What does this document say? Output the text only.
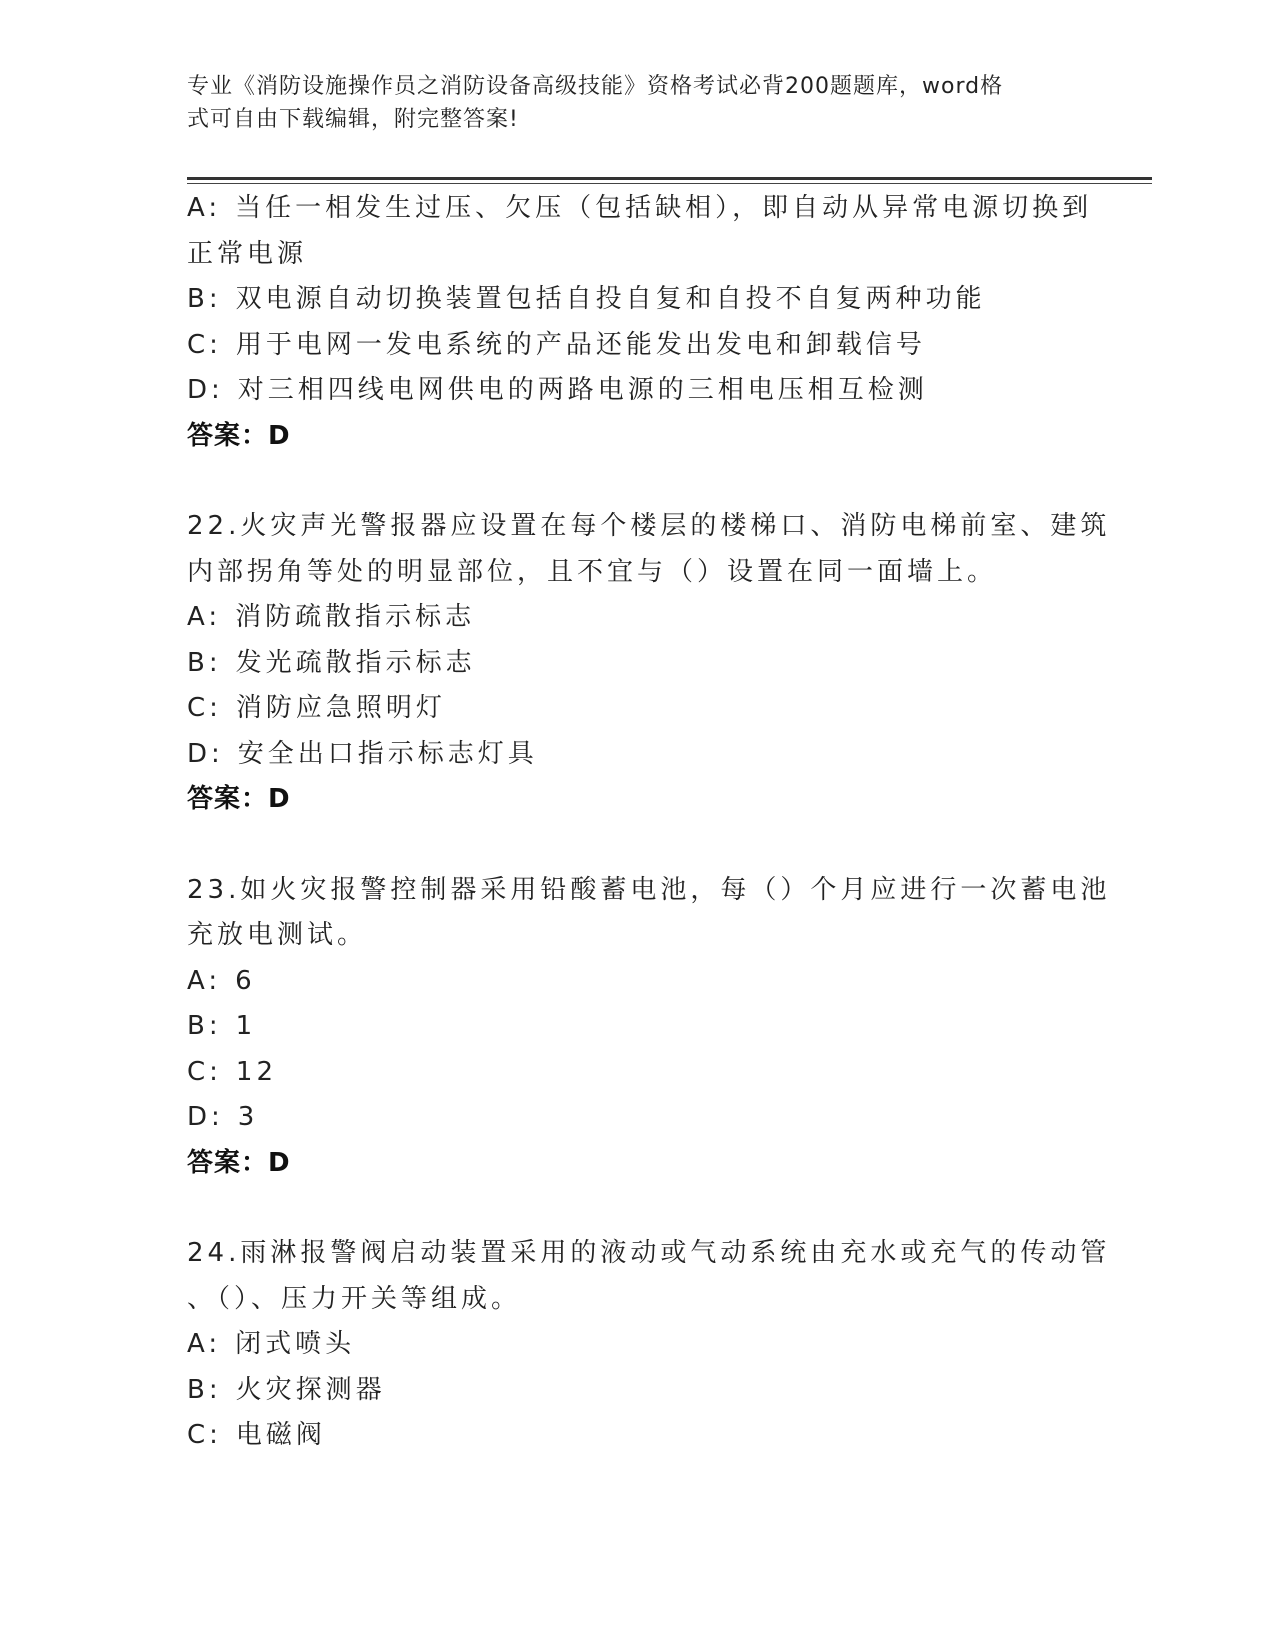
专业《消防设施操作员之消防设备高级技能》资格考试必背200题题库，word格
式可自由下载编辑，附完整答案!
A: 当任一相发生过压、欠压（包括缺相），即自动从异常电源切换到
正常电源
B: 双电源自动切换装置包括自投自复和自投不自复两种功能
C: 用于电网一发电系统的产品还能发出发电和卸载信号
D: 对三相四线电网供电的两路电源的三相电压相互检测
答案：D
22.火灾声光警报器应设置在每个楼层的楼梯口、消防电梯前室、建筑
内部拐角等处的明显部位，且不宜与（）设置在同一面墙上。
A: 消防疏散指示标志
B: 发光疏散指示标志
C: 消防应急照明灯
D: 安全出口指示标志灯具
答案：D
23.如火灾报警控制器采用铅酸蓄电池，每（）个月应进行一次蓄电池
充放电测试。
A: 6
B: 1
C: 12
D: 3
答案：D
24.雨淋报警阀启动装置采用的液动或气动系统由充水或充气的传动管
、（）、压力开关等组成。
A: 闭式喷头
B: 火灾探测器
C: 电磁阀
